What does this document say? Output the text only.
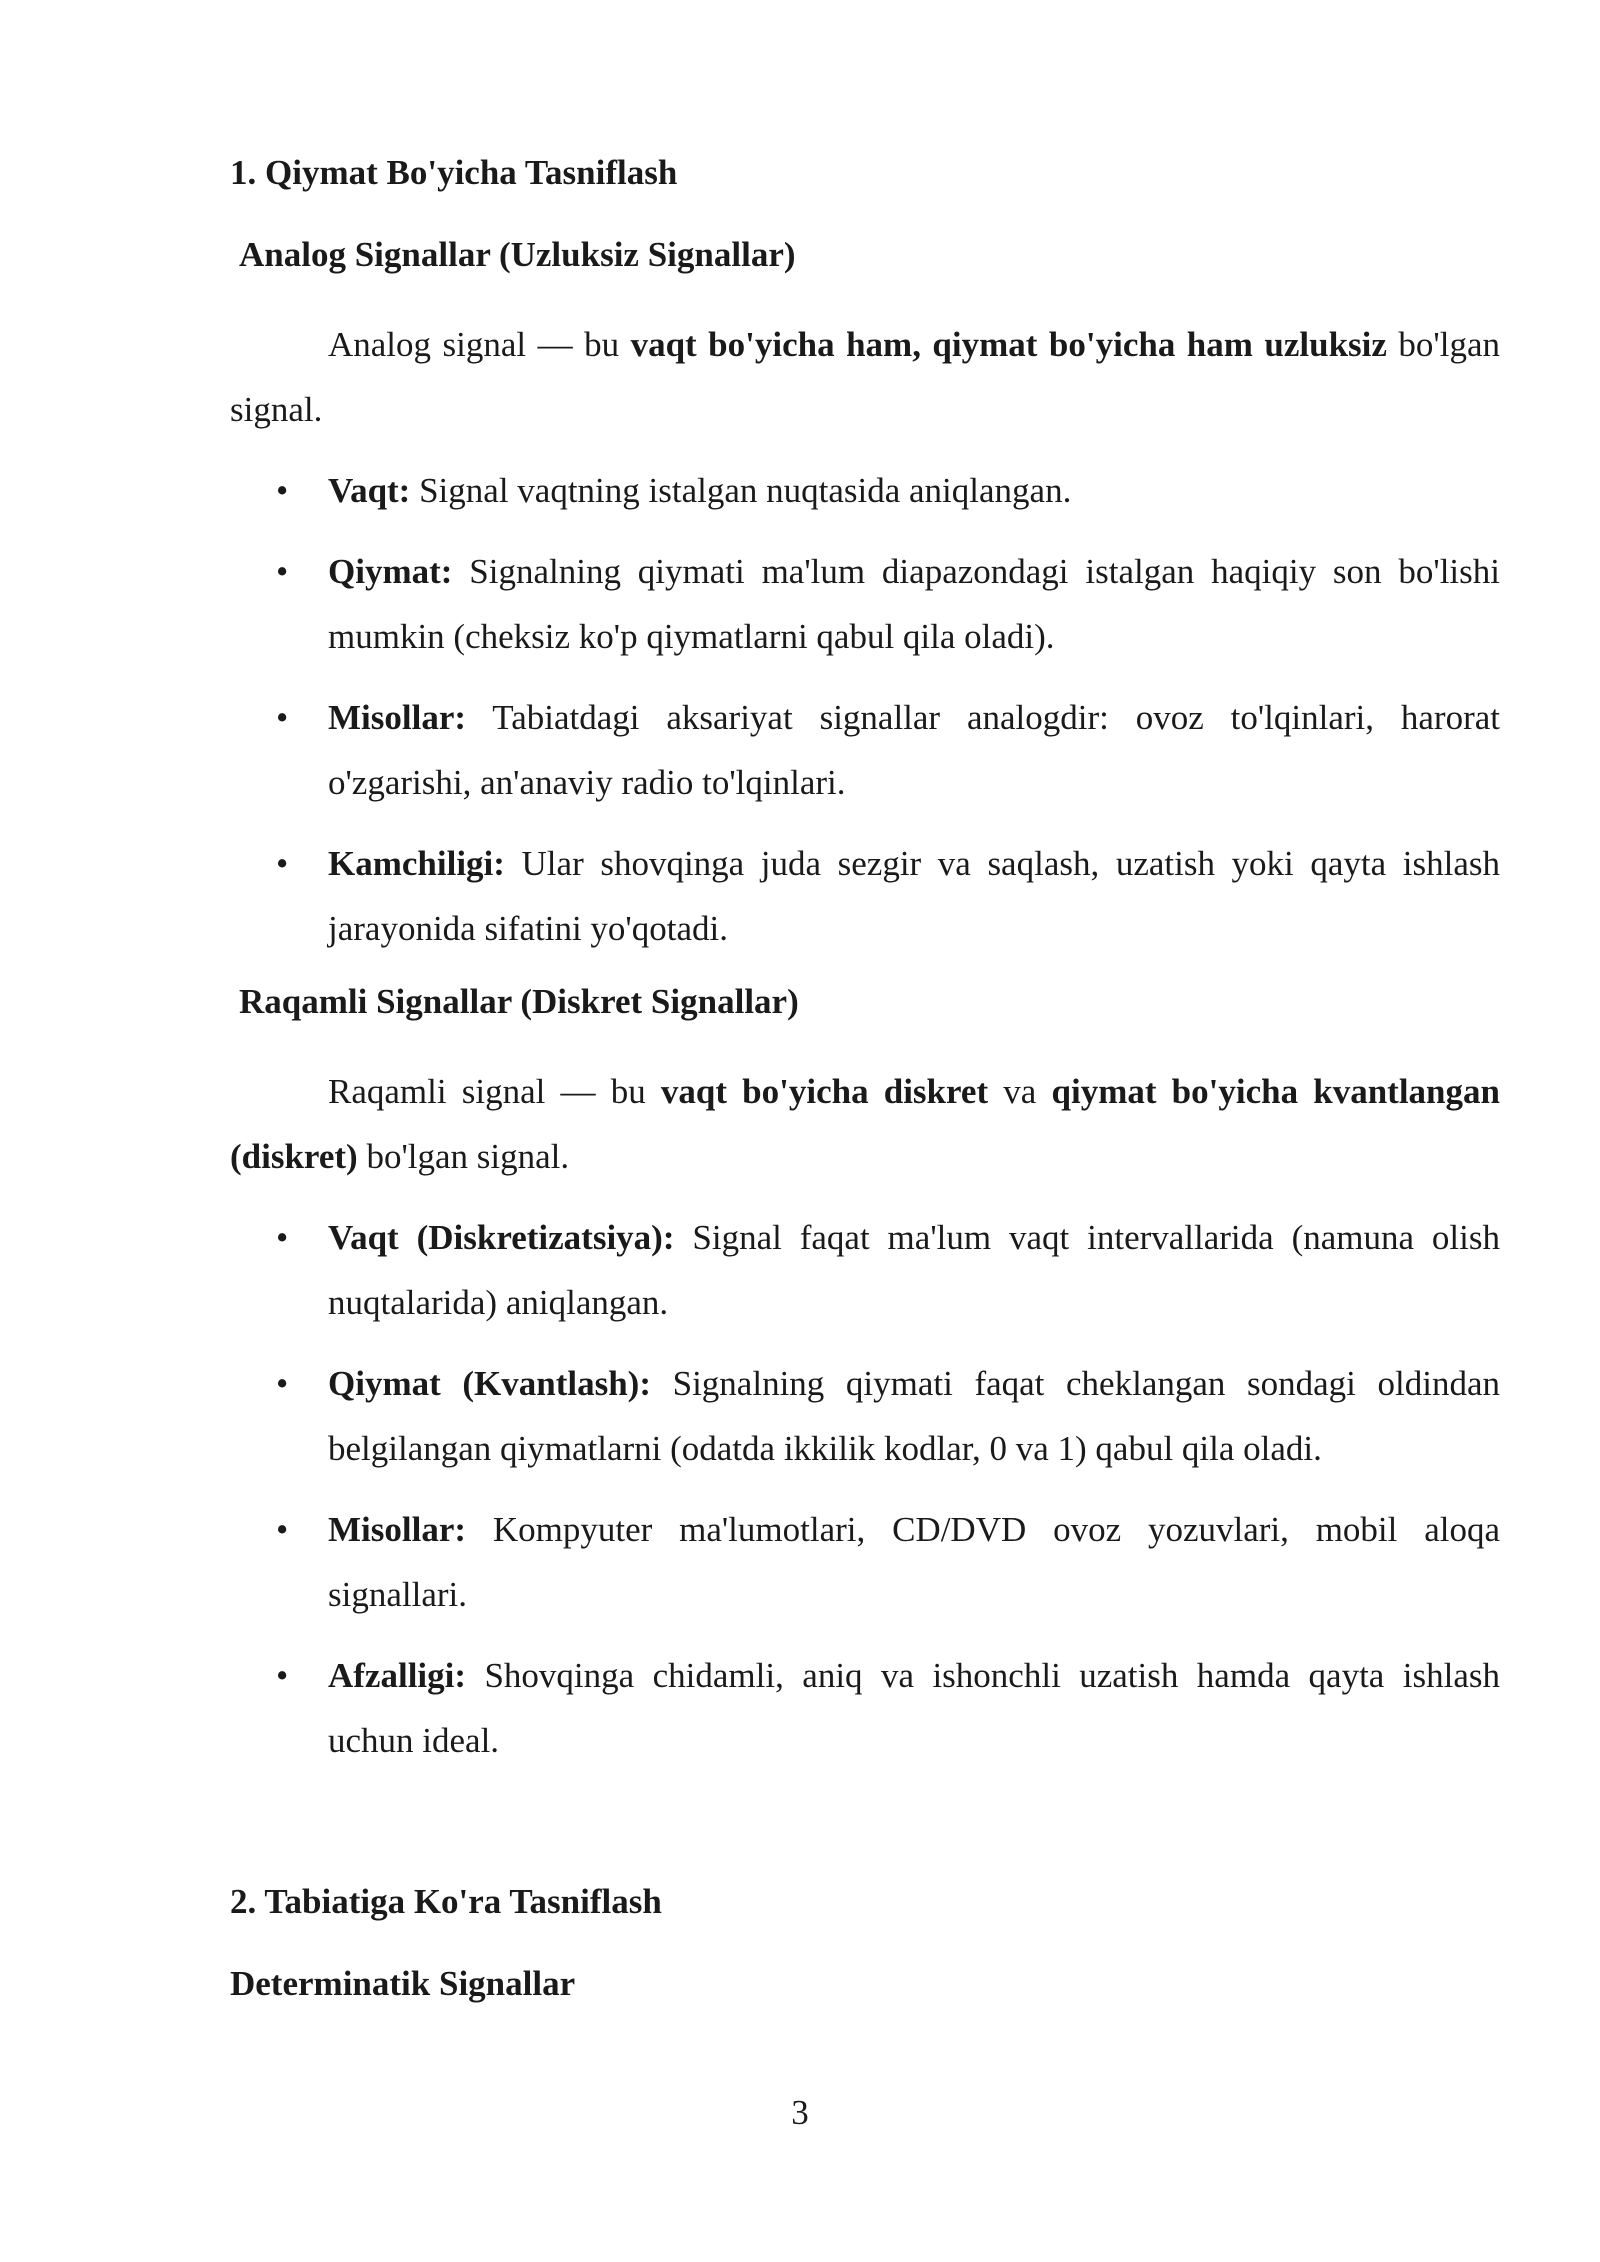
1. Qiymat Bo'yicha Tasniflash
Analog Signallar (Uzluksiz Signallar)

Analog signal — bu vaqt bo'yicha ham, qiymat bo'yicha ham uzluksiz bo'lgan signal.

• Vaqt: Signal vaqtning istalgan nuqtasida aniqlangan.
• Qiymat: Signalning qiymati ma'lum diapazondagi istalgan haqiqiy son bo'lishi mumkin (cheksiz ko'p qiymatlarni qabul qila oladi).
• Misollar: Tabiatdagi aksariyat signallar analogdir: ovoz to'lqinlari, harorat o'zgarishi, an'anaviy radio to'lqinlari.
• Kamchiligi: Ular shovqinga juda sezgir va saqlash, uzatish yoki qayta ishlash jarayonida sifatini yo'qotadi.
Raqamli Signallar (Diskret Signallar)

Raqamli signal — bu vaqt bo'yicha diskret va qiymat bo'yicha kvantlangan (diskret) bo'lgan signal.

• Vaqt (Diskretizatsiya): Signal faqat ma'lum vaqt intervallarida (namuna olish nuqtalarida) aniqlangan.
• Qiymat (Kvantlash): Signalning qiymati faqat cheklangan sondagi oldindan belgilangan qiymatlarni (odatda ikkilik kodlar, 0 va 1) qabul qila oladi.
• Misollar: Kompyuter ma'lumotlari, CD/DVD ovoz yozuvlari, mobil aloqa signallari.
• Afzalligi: Shovqinga chidamli, aniq va ishonchli uzatish hamda qayta ishlash uchun ideal.
2. Tabiatiga Ko'ra Tasniflash
Determinatik Signallar
3
